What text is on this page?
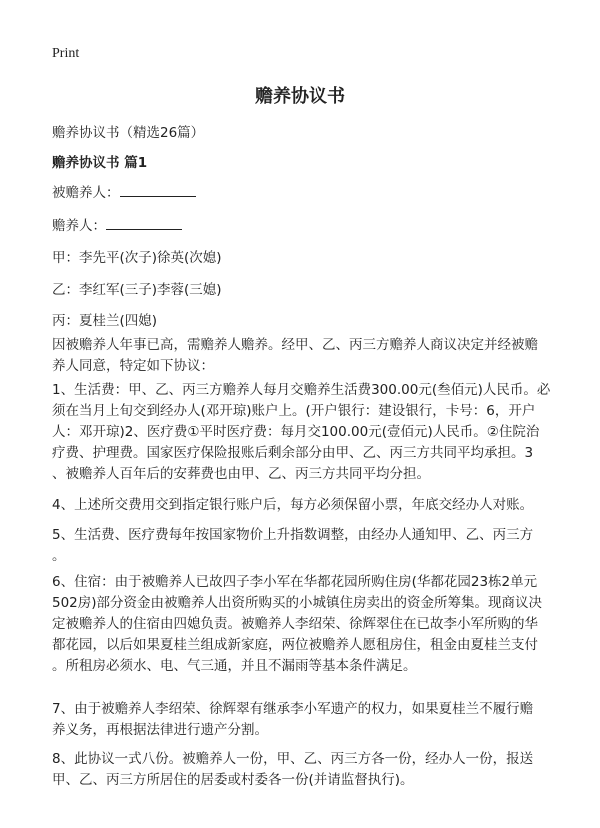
Print
赡养协议书
赡养协议书（精选26篇）
赡养协议书 篇1
被赡养人：
赡养人：
甲：李先平(次子)徐英(次媳)
乙：李红军(三子)李蓉(三媳)
丙：夏桂兰(四媳)
因被赡养人年事已高，需赡养人赡养。经甲、乙、丙三方赡养人商议决定并经被赡
养人同意，特定如下协议：
1、生活费：甲、乙、丙三方赡养人每月交赡养生活费300.00元(叁佰元)人民币。必
须在当月上旬交到经办人(邓开琼)账户上。(开户银行：建设银行，卡号：6，开户
人：邓开琼)2、医疗费①平时医疗费：每月交100.00元(壹佰元)人民币。②住院治
疗费、护理费。国家医疗保险报账后剩余部分由甲、乙、丙三方共同平均承担。3
、被赡养人百年后的安葬费也由甲、乙、丙三方共同平均分担。
4、上述所交费用交到指定银行账户后，每方必须保留小票，年底交经办人对账。
5、生活费、医疗费每年按国家物价上升指数调整，由经办人通知甲、乙、丙三方
。
6、住宿：由于被赡养人已故四子李小军在华都花园所购住房(华都花园23栋2单元
502房)部分资金由被赡养人出资所购买的小城镇住房卖出的资金所筹集。现商议决
定被赡养人的住宿由四媳负责。被赡养人李绍荣、徐辉翠住在已故李小军所购的华
都花园，以后如果夏桂兰组成新家庭，两位被赡养人愿租房住，租金由夏桂兰支付
。所租房必须水、电、气三通，并且不漏雨等基本条件满足。
7、由于被赡养人李绍荣、徐辉翠有继承李小军遗产的权力，如果夏桂兰不履行赡
养义务，再根据法律进行遗产分割。
8、此协议一式八份。被赡养人一份，甲、乙、丙三方各一份，经办人一份，报送
甲、乙、丙三方所居住的居委或村委各一份(并请监督执行)。
